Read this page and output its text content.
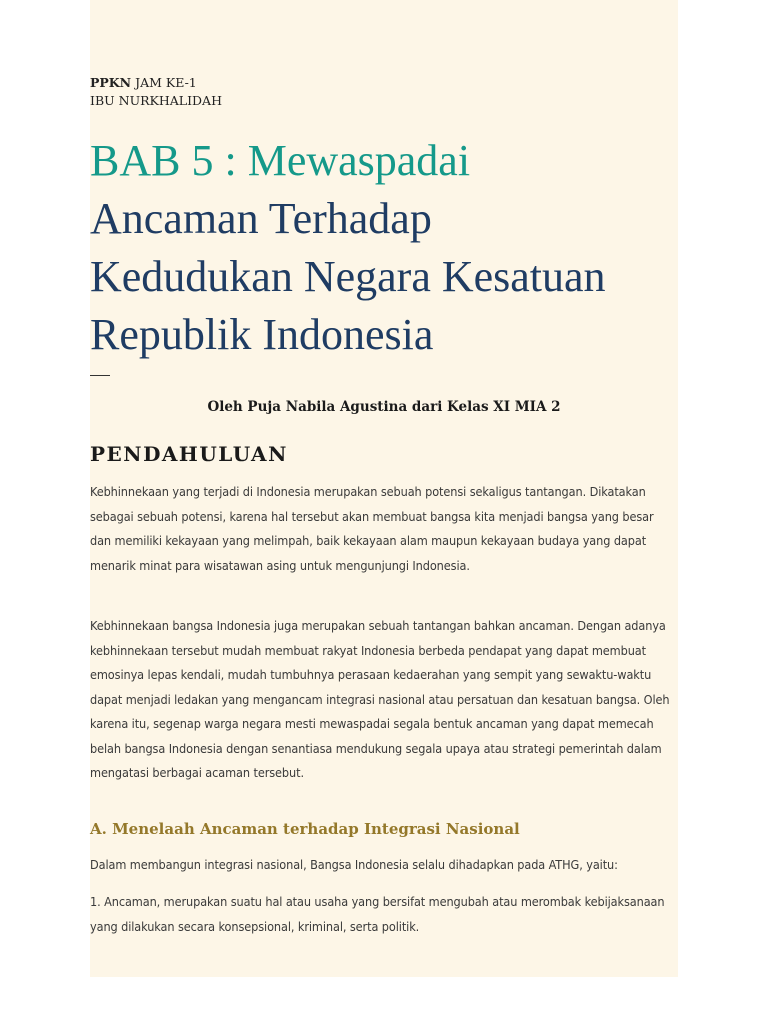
PPKN JAM KE-1
IBU NURKHALIDAH
BAB 5 : Mewaspadai
Ancaman Terhadap
Kedudukan Negara Kesatuan
Republik Indonesia
Oleh Puja Nabila Agustina dari Kelas XI MIA 2
PENDAHULUAN

Kebhinnekaan yang terjadi di Indonesia merupakan sebuah potensi sekaligus tantangan. Dikatakan sebagai sebuah potensi, karena hal tersebut akan membuat bangsa kita menjadi bangsa yang besar dan memiliki kekayaan yang melimpah, baik kekayaan alam maupun kekayaan budaya yang dapat menarik minat para wisatawan asing untuk mengunjungi Indonesia.

Kebhinnekaan bangsa Indonesia juga merupakan sebuah tantangan bahkan ancaman. Dengan adanya kebhinnekaan tersebut mudah membuat rakyat Indonesia berbeda pendapat yang dapat membuat emosinya lepas kendali, mudah tumbuhnya perasaan kedaerahan yang sempit yang sewaktu-waktu dapat menjadi ledakan yang mengancam integrasi nasional atau persatuan dan kesatuan bangsa. Oleh karena itu, segenap warga negara mesti mewaspadai segala bentuk ancaman yang dapat memecah belah bangsa Indonesia dengan senantiasa mendukung segala upaya atau strategi pemerintah dalam mengatasi berbagai acaman tersebut.

A. Menelaah Ancaman terhadap Integrasi Nasional

Dalam membangun integrasi nasional, Bangsa Indonesia selalu dihadapkan pada ATHG, yaitu:

1. Ancaman, merupakan suatu hal atau usaha yang bersifat mengubah atau merombak kebijaksanaan yang dilakukan secara konsepsional, kriminal, serta politik.
